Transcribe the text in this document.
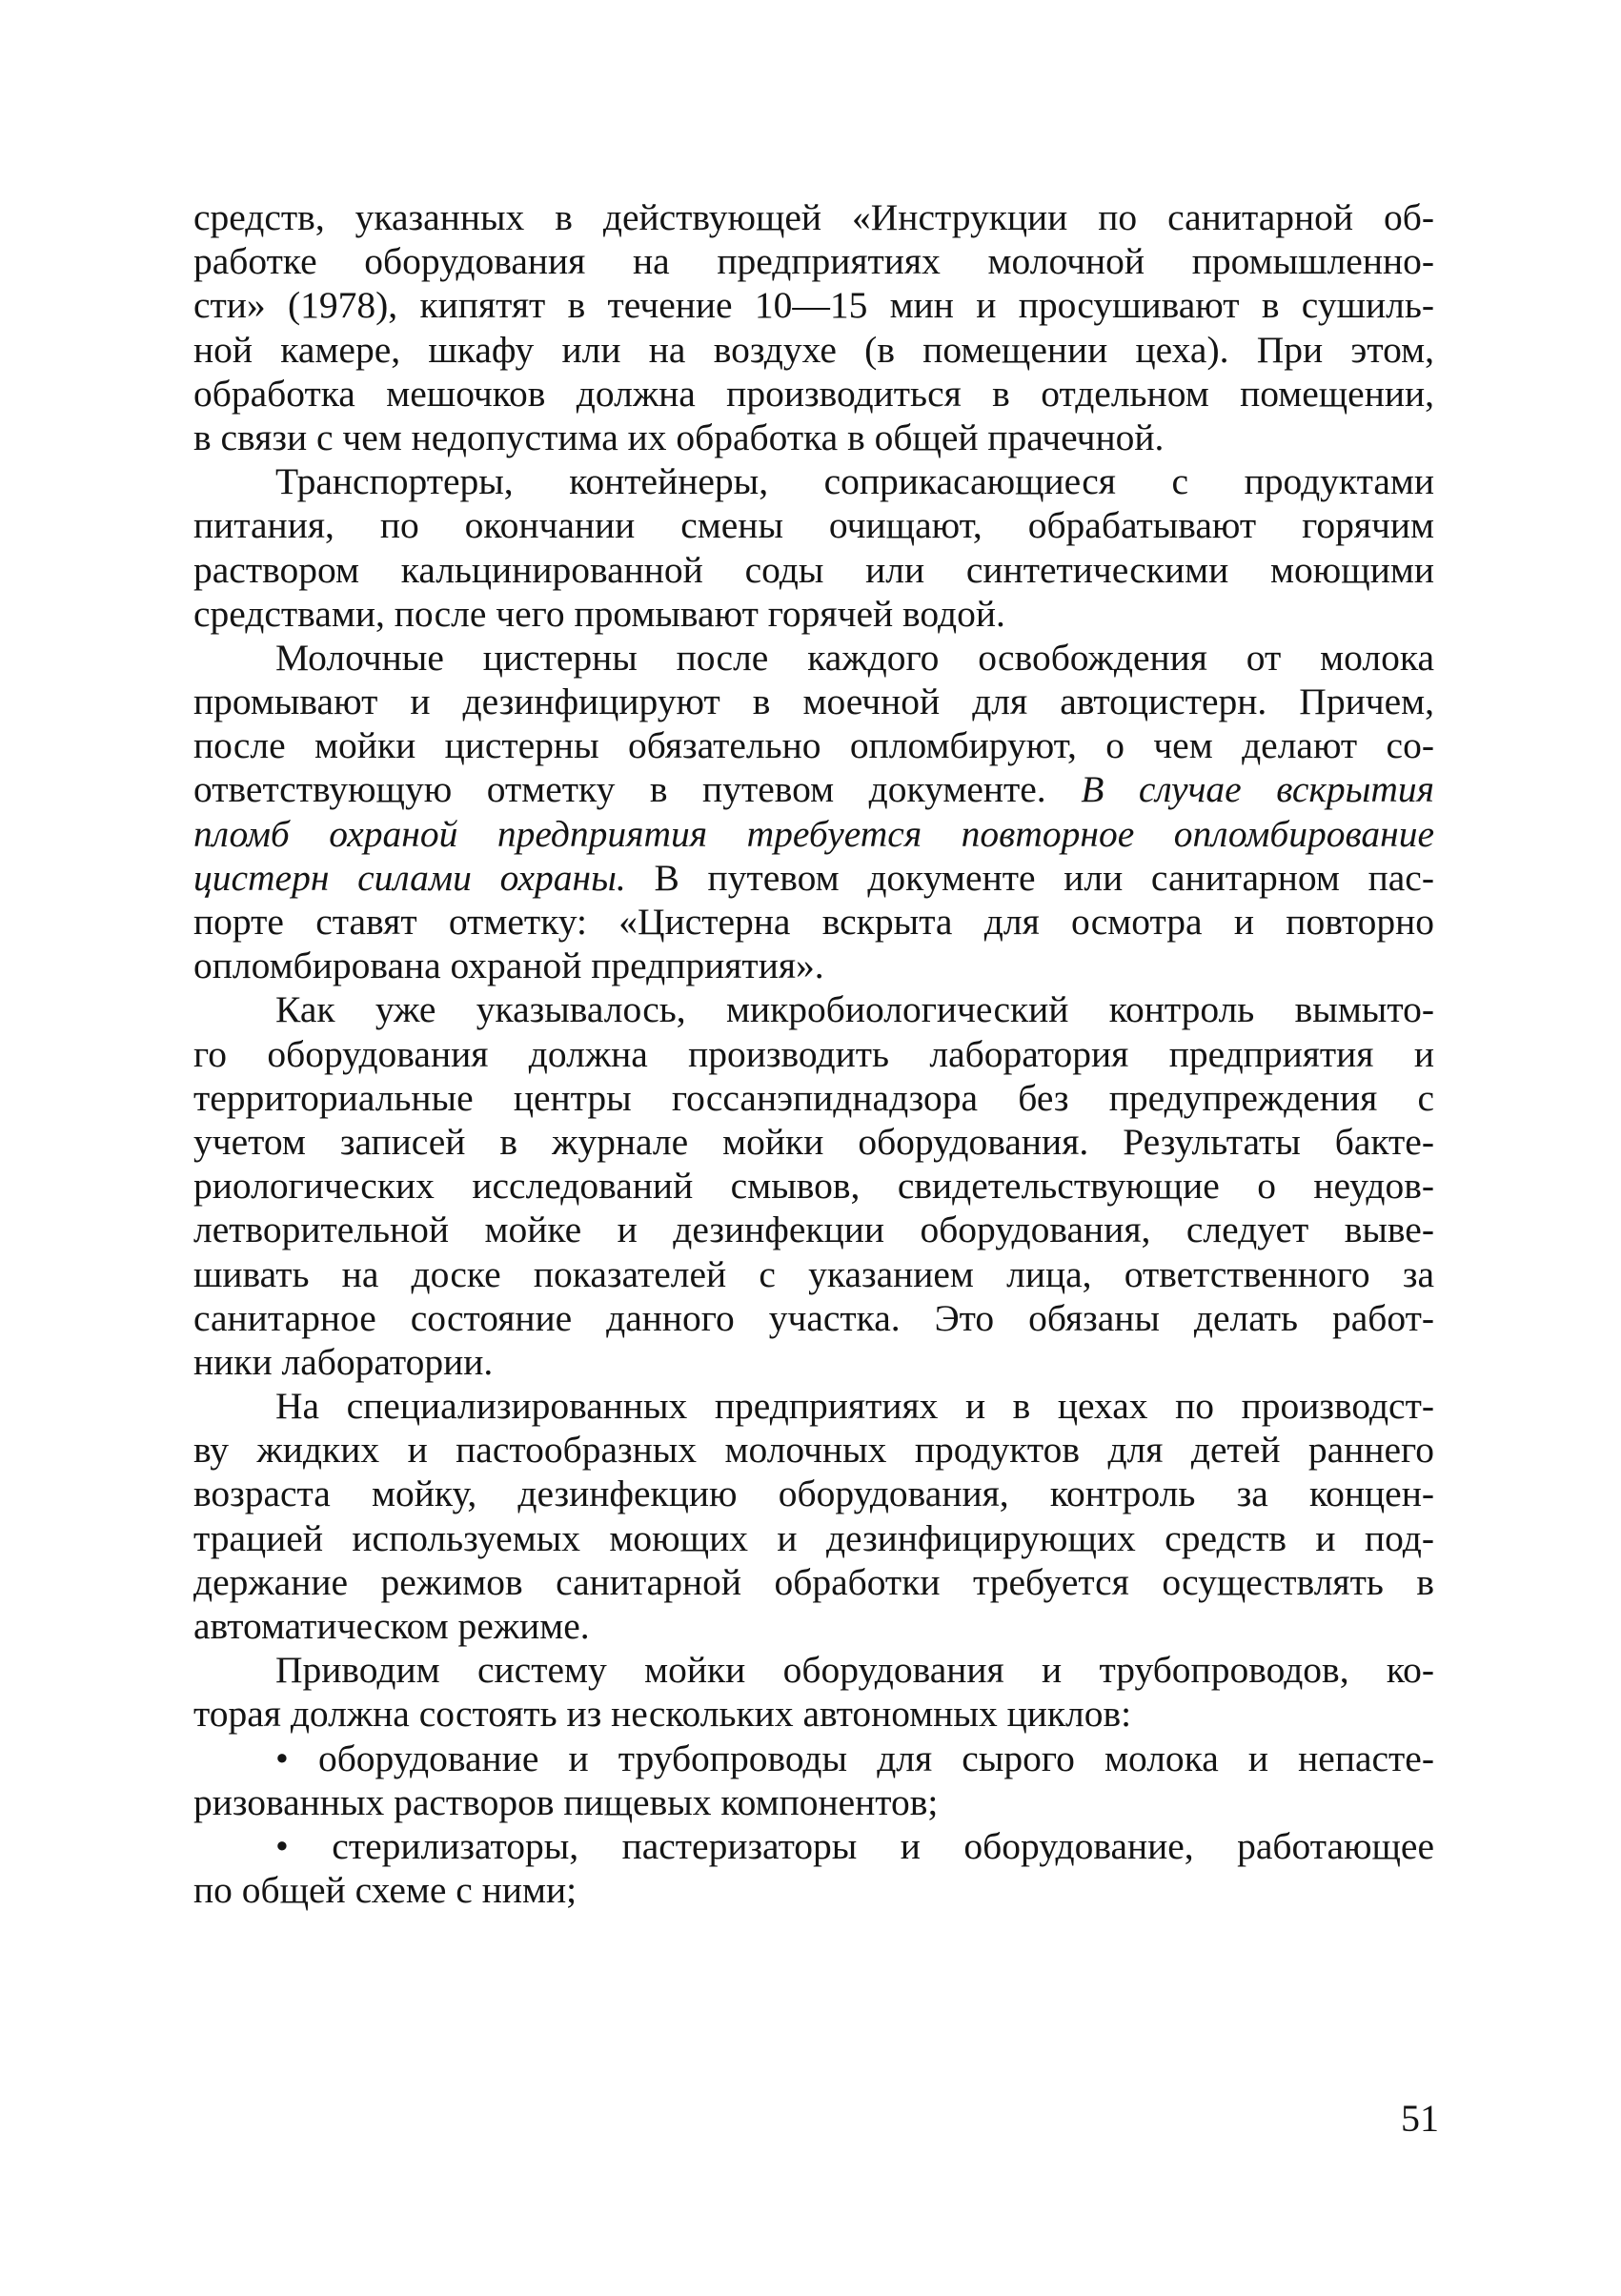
средств, указанных в действующей «Инструкции по санитарной об-
работке оборудования на предприятиях молочной промышленно-
сти» (1978), кипятят в течение 10—15 мин и просушивают в сушиль-
ной камере, шкафу или на воздухе (в помещении цеха). При этом,
обработка мешочков должна производиться в отдельном помещении,
в связи с чем недопустима их обработка в общей прачечной.
Транспортеры, контейнеры, соприкасающиеся с продуктами
питания, по окончании смены очищают, обрабатывают горячим
раствором кальцинированной соды или синтетическими моющими
средствами, после чего промывают горячей водой.
Молочные цистерны после каждого освобождения от молока
промывают и дезинфицируют в моечной для автоцистерн. Причем,
после мойки цистерны обязательно опломбируют, о чем делают со-
ответствующую отметку в путевом документе. В случае вскрытия
пломб охраной предприятия требуется повторное опломбирование
цистерн силами охраны. В путевом документе или санитарном пас-
порте ставят отметку: «Цистерна вскрыта для осмотра и повторно
опломбирована охраной предприятия».
Как уже указывалось, микробиологический контроль вымыто-
го оборудования должна производить лаборатория предприятия и
территориальные центры госсанэпиднадзора без предупреждения с
учетом записей в журнале мойки оборудования. Результаты бакте-
риологических исследований смывов, свидетельствующие о неудов-
летворительной мойке и дезинфекции оборудования, следует выве-
шивать на доске показателей с указанием лица, ответственного за
санитарное состояние данного участка. Это обязаны делать работ-
ники лаборатории.
На специализированных предприятиях и в цехах по производст-
ву жидких и пастообразных молочных продуктов для детей раннего
возраста мойку, дезинфекцию оборудования, контроль за концен-
трацией используемых моющих и дезинфицирующих средств и под-
держание режимов санитарной обработки требуется осуществлять в
автоматическом режиме.
Приводим систему мойки оборудования и трубопроводов, ко-
торая должна состоять из нескольких автономных циклов:
• оборудование и трубопроводы для сырого молока и непасте-
ризованных растворов пищевых компонентов;
• стерилизаторы, пастеризаторы и оборудование, работающее
по общей схеме с ними;
51
